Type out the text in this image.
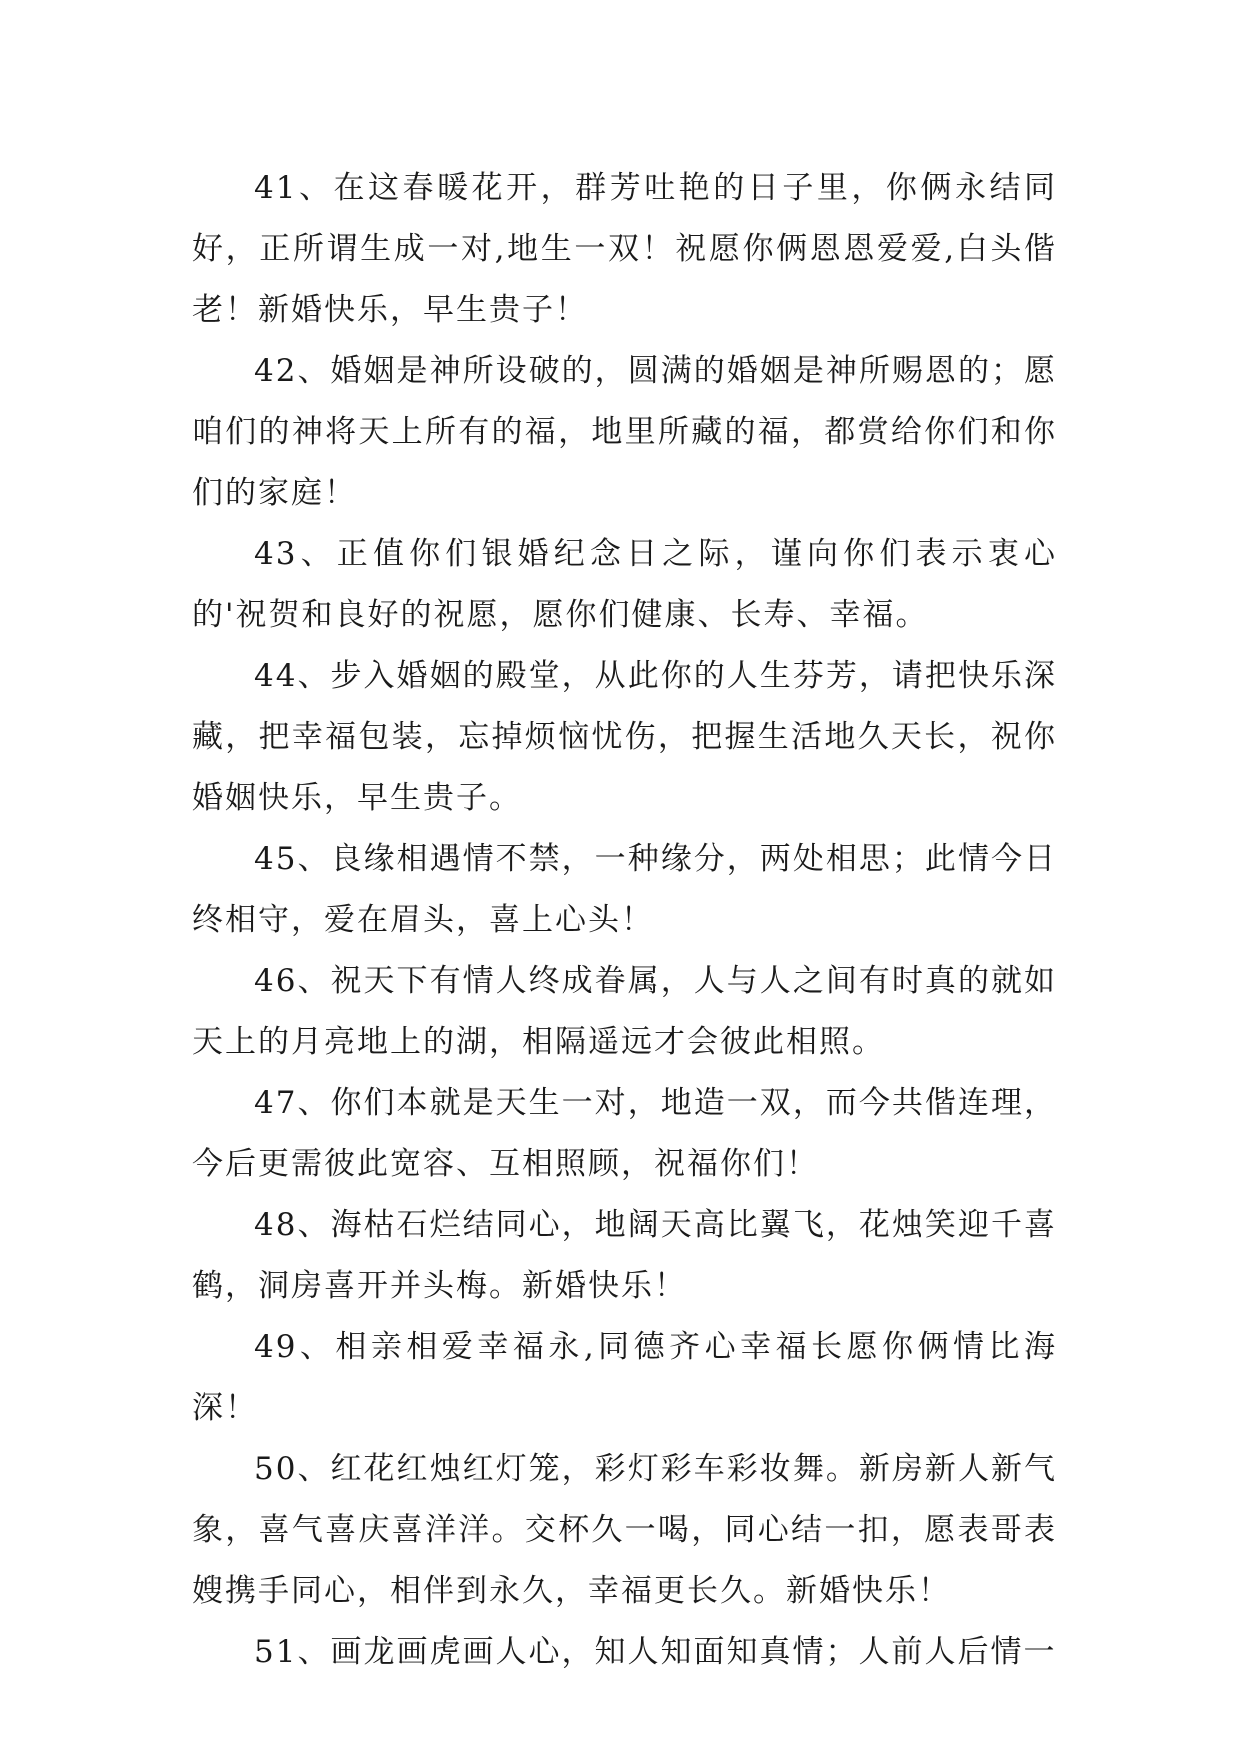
41、在这春暖花开，群芳吐艳的日子里，你俩永结同好，正所谓生成一对,地生一双！祝愿你俩恩恩爱爱,白头偕老！新婚快乐，早生贵子！

42、婚姻是神所设破的，圆满的婚姻是神所赐恩的；愿咱们的神将天上所有的福，地里所藏的福，都赏给你们和你们的家庭！

43、正值你们银婚纪念日之际，谨向你们表示衷心的'祝贺和良好的祝愿，愿你们健康、长寿、幸福。

44、步入婚姻的殿堂，从此你的人生芬芳，请把快乐深藏，把幸福包装，忘掉烦恼忧伤，把握生活地久天长，祝你婚姻快乐，早生贵子。

45、良缘相遇情不禁，一种缘分，两处相思；此情今日终相守，爱在眉头，喜上心头！

46、祝天下有情人终成眷属，人与人之间有时真的就如天上的月亮地上的湖，相隔遥远才会彼此相照。

47、你们本就是天生一对，地造一双，而今共偕连理，今后更需彼此宽容、互相照顾，祝福你们！

48、海枯石烂结同心，地阔天高比翼飞，花烛笑迎千喜鹤，洞房喜开并头梅。新婚快乐！

49、相亲相爱幸福永,同德齐心幸福长愿你俩情比海深！

50、红花红烛红灯笼，彩灯彩车彩妆舞。新房新人新气象，喜气喜庆喜洋洋。交杯久一喝，同心结一扣，愿表哥表嫂携手同心，相伴到永久，幸福更长久。新婚快乐！

51、画龙画虎画人心，知人知面知真情；人前人后情一
